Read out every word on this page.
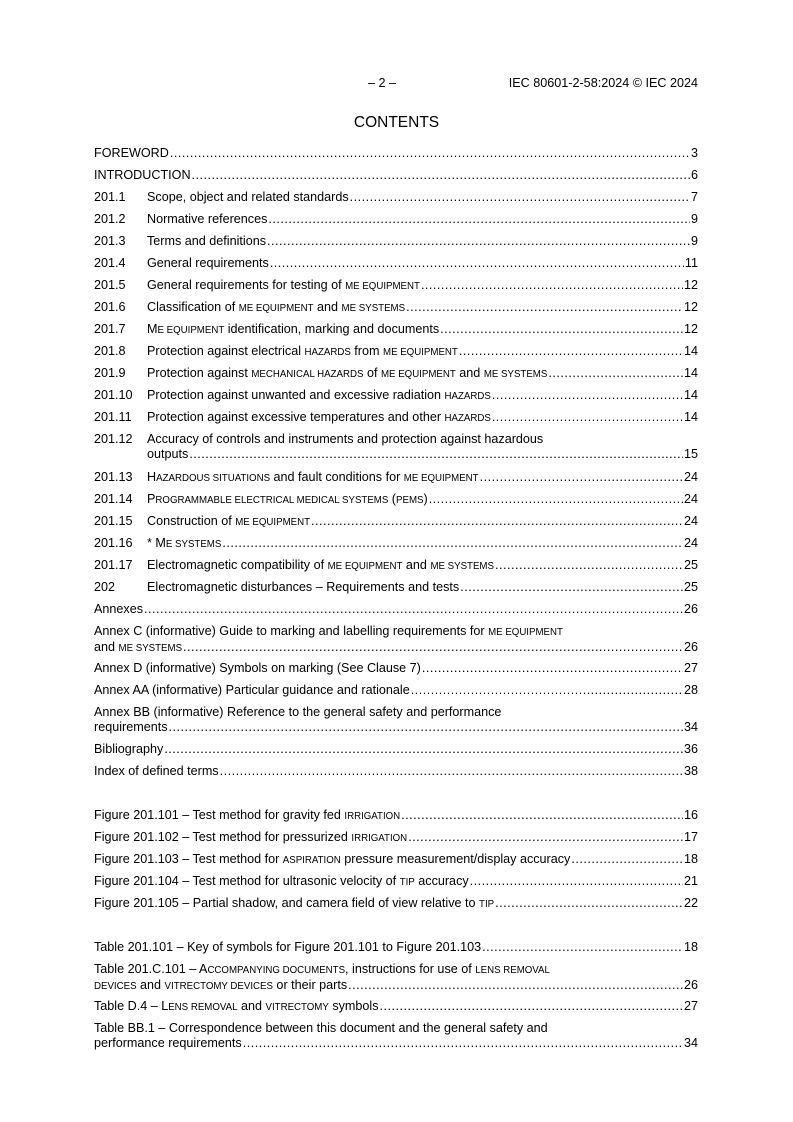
– 2 –	IEC 80601-2-58:2024 © IEC 2024
CONTENTS
FOREWORD .....	3
INTRODUCTION .....	6
201.1	Scope, object and related standards .....	7
201.2	Normative references .....	9
201.3	Terms and definitions .....	9
201.4	General requirements .....	11
201.5	General requirements for testing of ME EQUIPMENT .....	12
201.6	Classification of ME EQUIPMENT and ME SYSTEMS .....	12
201.7	ME EQUIPMENT identification, marking and documents .....	12
201.8	Protection against electrical HAZARDS from ME EQUIPMENT .....	14
201.9	Protection against MECHANICAL HAZARDS of ME EQUIPMENT and ME SYSTEMS .....	14
201.10	Protection against unwanted and excessive radiation HAZARDS .....	14
201.11	Protection against excessive temperatures and other HAZARDS .....	14
201.12	Accuracy of controls and instruments and protection against hazardous
outputs .....	15
201.13	HAZARDOUS SITUATIONS and fault conditions for ME EQUIPMENT .....	24
201.14	PROGRAMMABLE ELECTRICAL MEDICAL SYSTEMS (PEMS) .....	24
201.15	Construction of ME EQUIPMENT .....	24
201.16	* ME SYSTEMS .....	24
201.17	Electromagnetic compatibility of ME EQUIPMENT and ME SYSTEMS .....	25
202	Electromagnetic disturbances – Requirements and tests .....	25
Annexes .....	26
Annex C (informative) Guide to marking and labelling requirements for ME EQUIPMENT
and ME SYSTEMS .....	26
Annex D (informative) Symbols on marking (See Clause 7) .....	27
Annex AA (informative) Particular guidance and rationale .....	28
Annex BB (informative) Reference to the general safety and performance
requirements .....	34
Bibliography .....	36
Index of defined terms .....	38
Figure 201.101 – Test method for gravity fed IRRIGATION .....	16
Figure 201.102 – Test method for pressurized IRRIGATION .....	17
Figure 201.103 – Test method for ASPIRATION pressure measurement/display accuracy .....	18
Figure 201.104 – Test method for ultrasonic velocity of TIP accuracy .....	21
Figure 201.105 – Partial shadow, and camera field of view relative to TIP .....	22
Table 201.101 – Key of symbols for Figure 201.101 to Figure 201.103 .....	18
Table 201.C.101 – ACCOMPANYING DOCUMENTS, instructions for use of LENS REMOVAL
DEVICES and VITRECTOMY DEVICES or their parts .....	26
Table D.4 – LENS REMOVAL and VITRECTOMY symbols .....	27
Table BB.1 – Correspondence between this document and the general safety and
performance requirements .....	34
